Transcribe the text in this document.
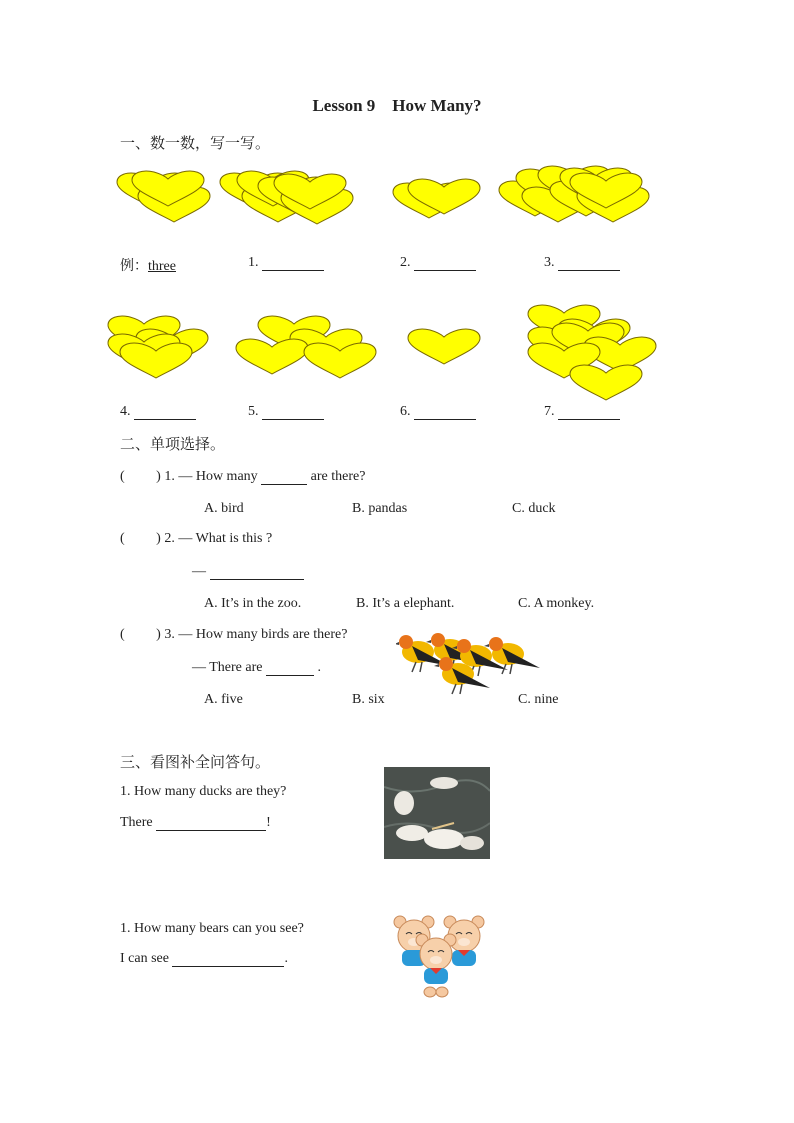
Lesson 9    How Many?
一、数一数，写一写。
例：three	1.	2.	3.
4.	5.	6.	7.
二、单项选择。
(         ) 1. — How many	are there?
A. bird	B. pandas	C. duck
(         ) 2. — What is this ?
—
A. It’s in the zoo.	B. It’s a elephant.	C. A monkey.
(         ) 3. — How many birds are there?
— There are	.
A. five	B. six	C. nine
三、看图补全问答句。
1. How many ducks are they?
There	!
1. How many bears can you see?
I can see	.
